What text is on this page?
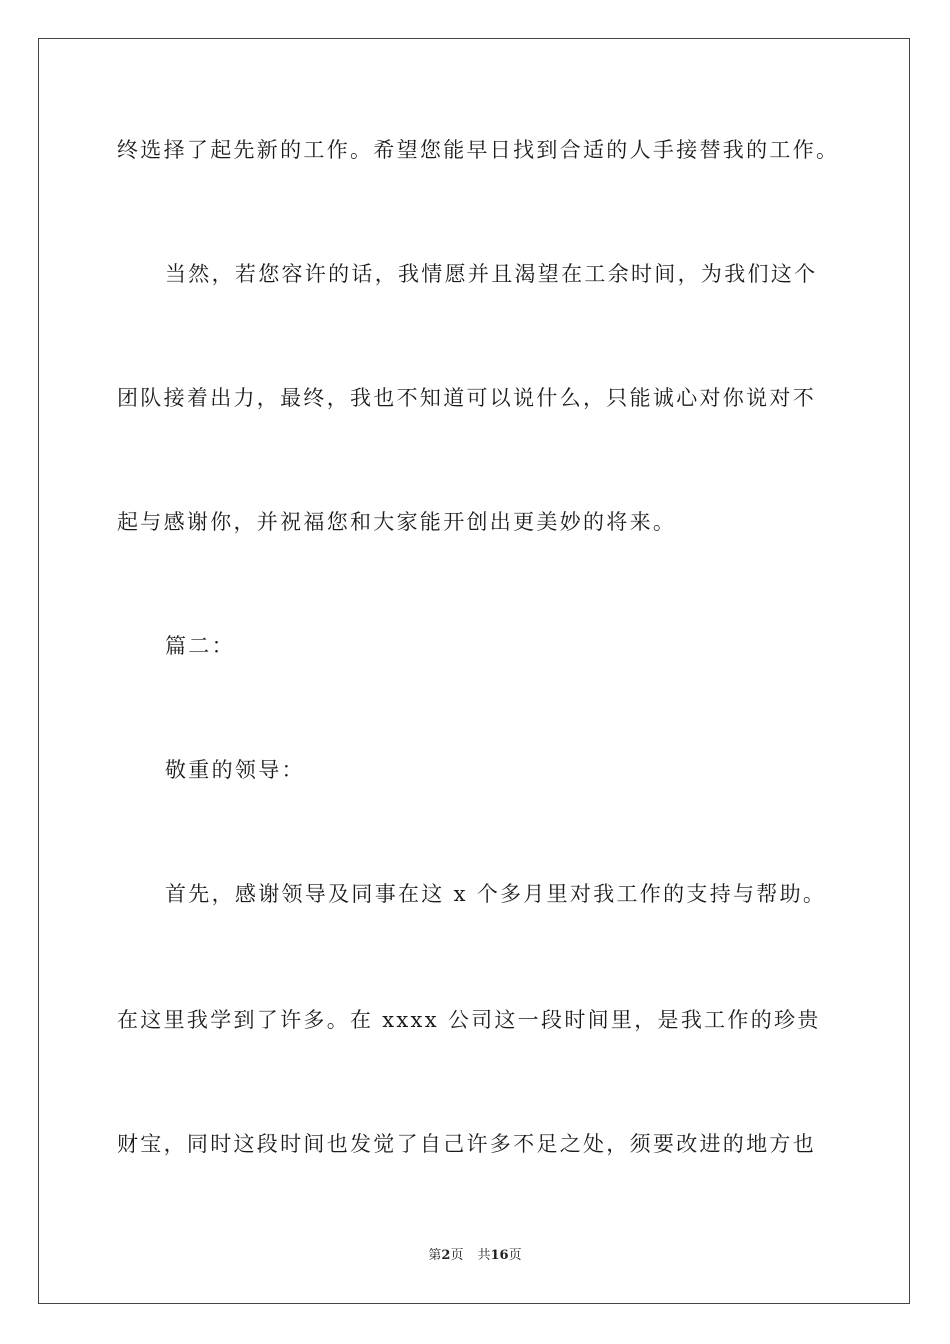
终选择了起先新的工作。希望您能早日找到合适的人手接替我的工作。
当然，若您容许的话，我情愿并且渴望在工余时间，为我们这个
团队接着出力，最终，我也不知道可以说什么，只能诚心对你说对不
起与感谢你，并祝福您和大家能开创出更美妙的将来。
篇二：
敬重的领导：
首先，感谢领导及同事在这 x 个多月里对我工作的支持与帮助。
在这里我学到了许多。在 xxxx 公司这一段时间里，是我工作的珍贵
财宝，同时这段时间也发觉了自己许多不足之处，须要改进的地方也
第2页 共16页
